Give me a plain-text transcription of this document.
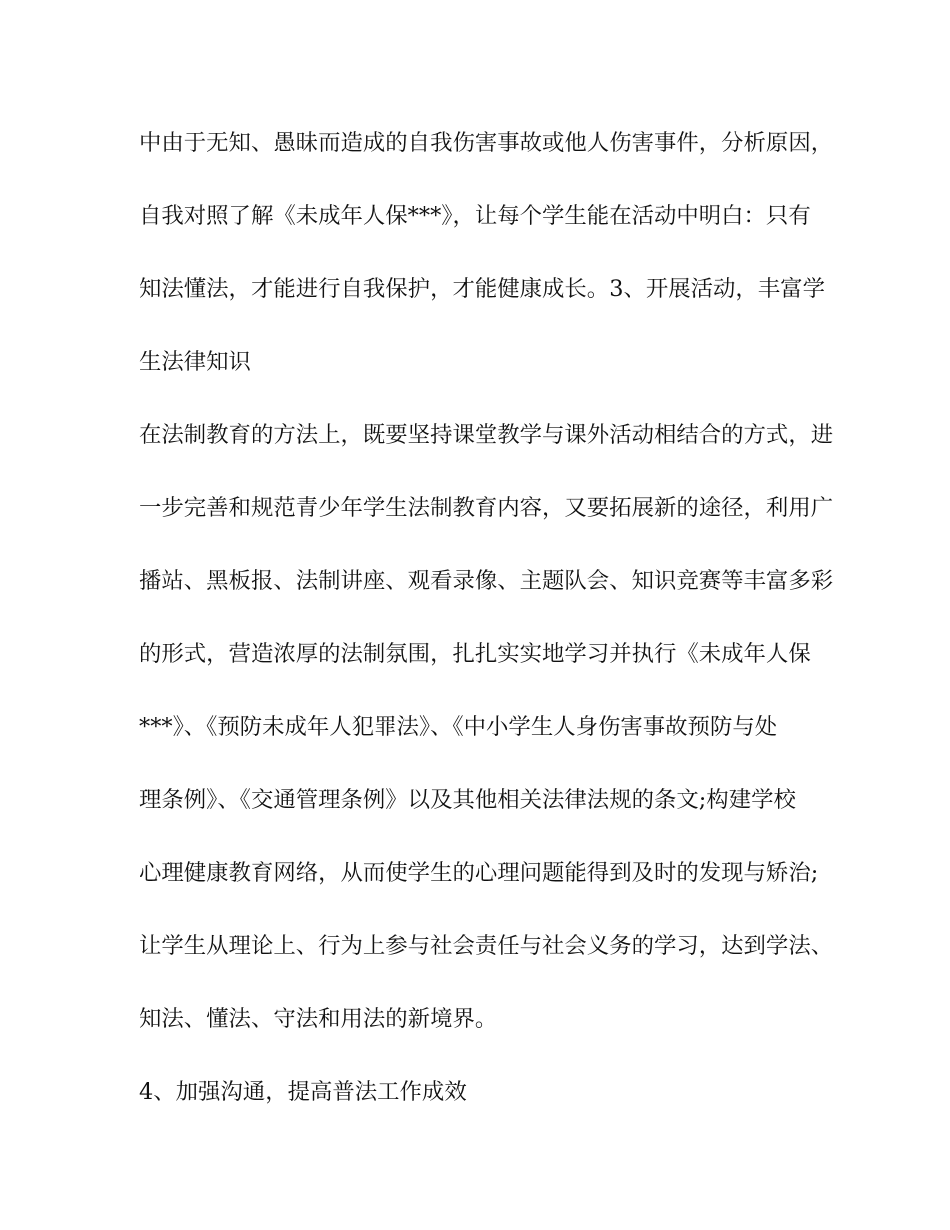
中由于无知、愚昧而造成的自我伤害事故或他人伤害事件，分析原因，
自我对照了解《未成年人保***》，让每个学生能在活动中明白：只有
知法懂法，才能进行自我保护，才能健康成长。3、开展活动，丰富学
生法律知识
在法制教育的方法上，既要坚持课堂教学与课外活动相结合的方式，进
一步完善和规范青少年学生法制教育内容，又要拓展新的途径，利用广
播站、黑板报、法制讲座、观看录像、主题队会、知识竞赛等丰富多彩
的形式，营造浓厚的法制氛围，扎扎实实地学习并执行《未成年人保
***》、《预防未成年人犯罪法》、《中小学生人身伤害事故预防与处
理条例》、《交通管理条例》以及其他相关法律法规的条文;构建学校
心理健康教育网络，从而使学生的心理问题能得到及时的发现与矫治;
让学生从理论上、行为上参与社会责任与社会义务的学习，达到学法、
知法、懂法、守法和用法的新境界。
4、加强沟通，提高普法工作成效
